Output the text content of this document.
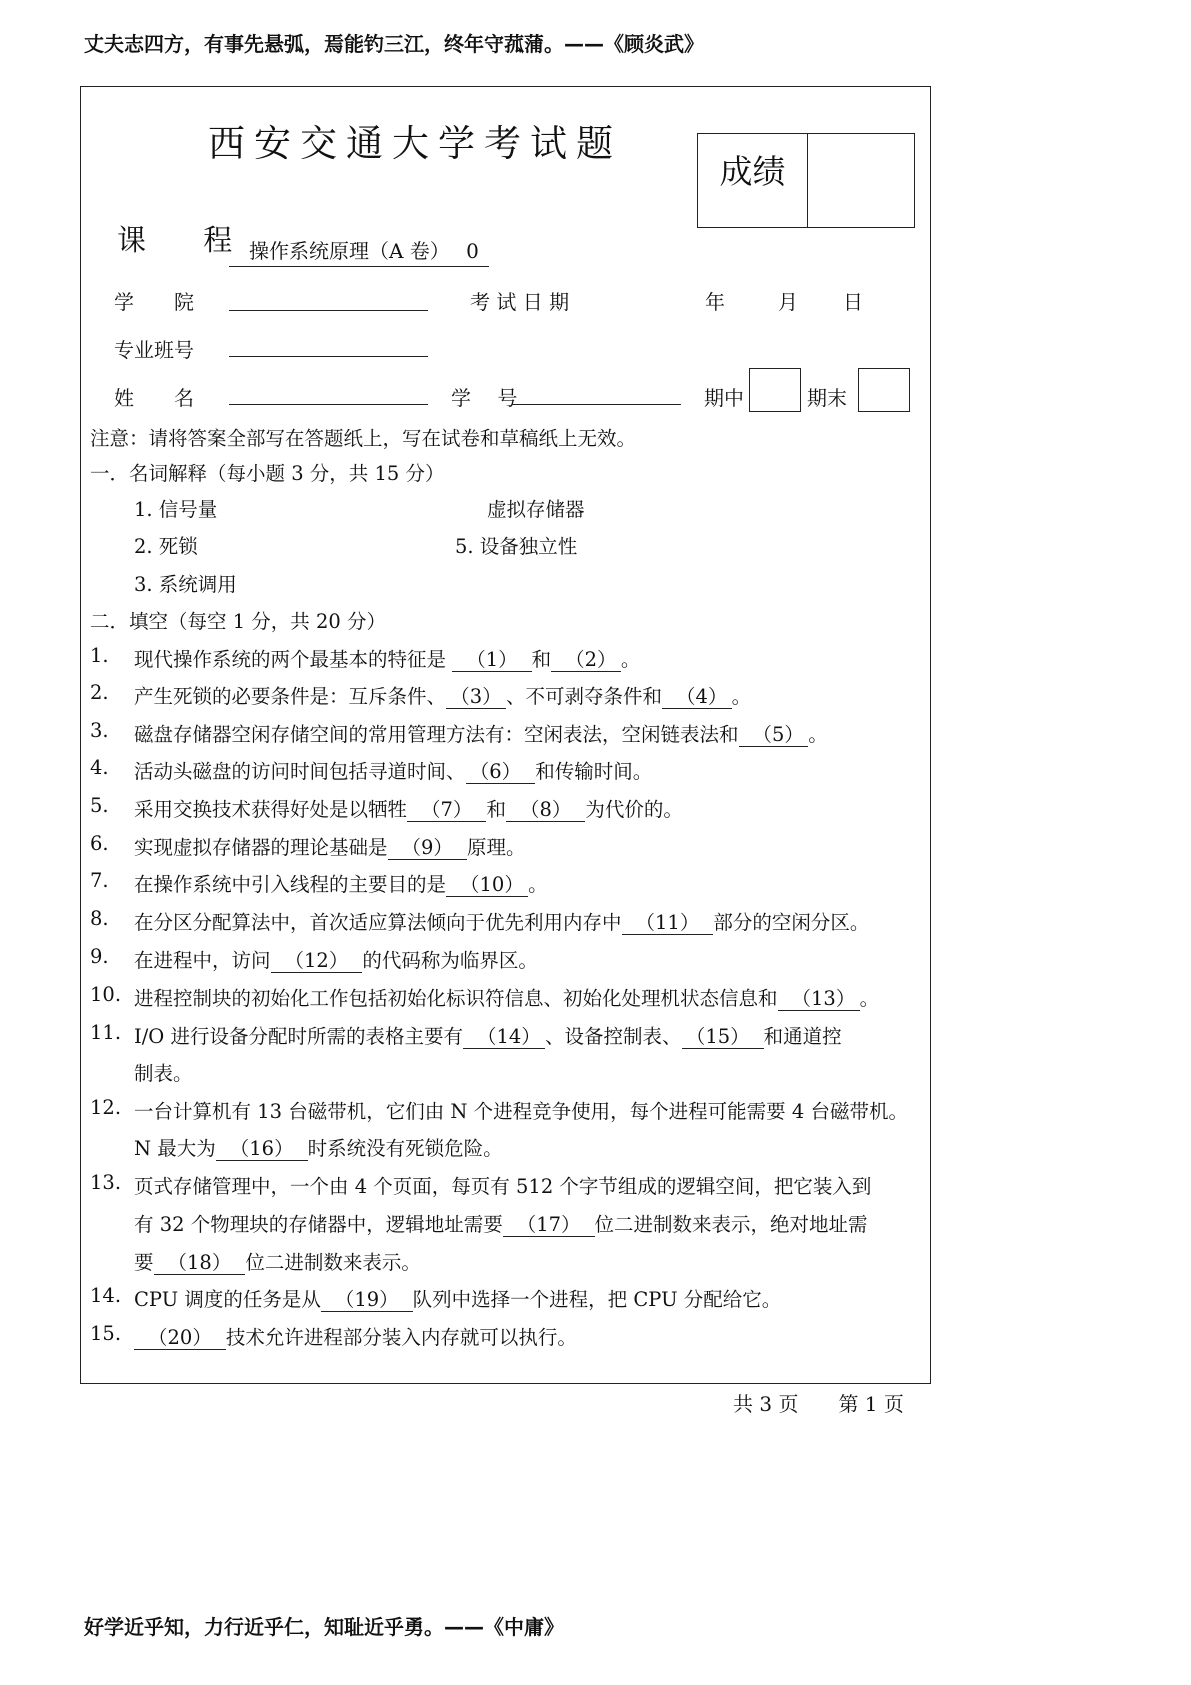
丈夫志四方，有事先悬弧，焉能钓三江，终年守菰蒲。——《顾炎武》
西安交通大学考试题
成绩
课 程
操作系统原理（A 卷）　 0
学　　院	考 试 日 期	年	月 日
专业班号
姓　　名	学　 号	期中	期末
注意：请将答案全部写在答题纸上，写在试卷和草稿纸上无效。
一．名词解释（每小题 3 分，共 15 分）
1. 信号量	虚拟存储器
2. 死锁	5. 设备独立性
3. 系统调用
二．填空（每空 1 分，共 20 分）
1. 现代操作系统的两个最基本的特征是 （1） 和 （2） 。
2. 产生死锁的必要条件是：互斥条件、 （3） 、不可剥夺条件和 （4） 。
3. 磁盘存储器空闲存储空间的常用管理方法有：空闲表法，空闲链表法和 （5） 。
4. 活动头磁盘的访问时间包括寻道时间、 （6） 和传输时间。
5. 采用交换技术获得好处是以牺牲 （7） 和 （8） 为代价的。
6. 实现虚拟存储器的理论基础是 （9） 原理。
7. 在操作系统中引入线程的主要目的是 （10） 。
8. 在分区分配算法中，首次适应算法倾向于优先利用内存中 （11） 部分的空闲分区。
9. 在进程中，访问 （12） 的代码称为临界区。
10. 进程控制块的初始化工作包括初始化标识符信息、初始化处理机状态信息和 （13） 。
11. I/O 进行设备分配时所需的表格主要有 （14） 、设备控制表、 （15） 和通道控
制表。
12. 一台计算机有 13 台磁带机，它们由 N 个进程竞争使用，每个进程可能需要 4 台磁带机。
N 最大为 （16） 时系统没有死锁危险。
13. 页式存储管理中，一个由 4 个页面，每页有 512 个字节组成的逻辑空间，把它装入到
有 32 个物理块的存储器中，逻辑地址需要 （17） 位二进制数来表示，绝对地址需
要 （18） 位二进制数来表示。
14. CPU 调度的任务是从 （19） 队列中选择一个进程，把 CPU 分配给它。
15.	（20） 技术允许进程部分装入内存就可以执行。
共 3 页　　第 1 页
好学近乎知，力行近乎仁，知耻近乎勇。——《中庸》
